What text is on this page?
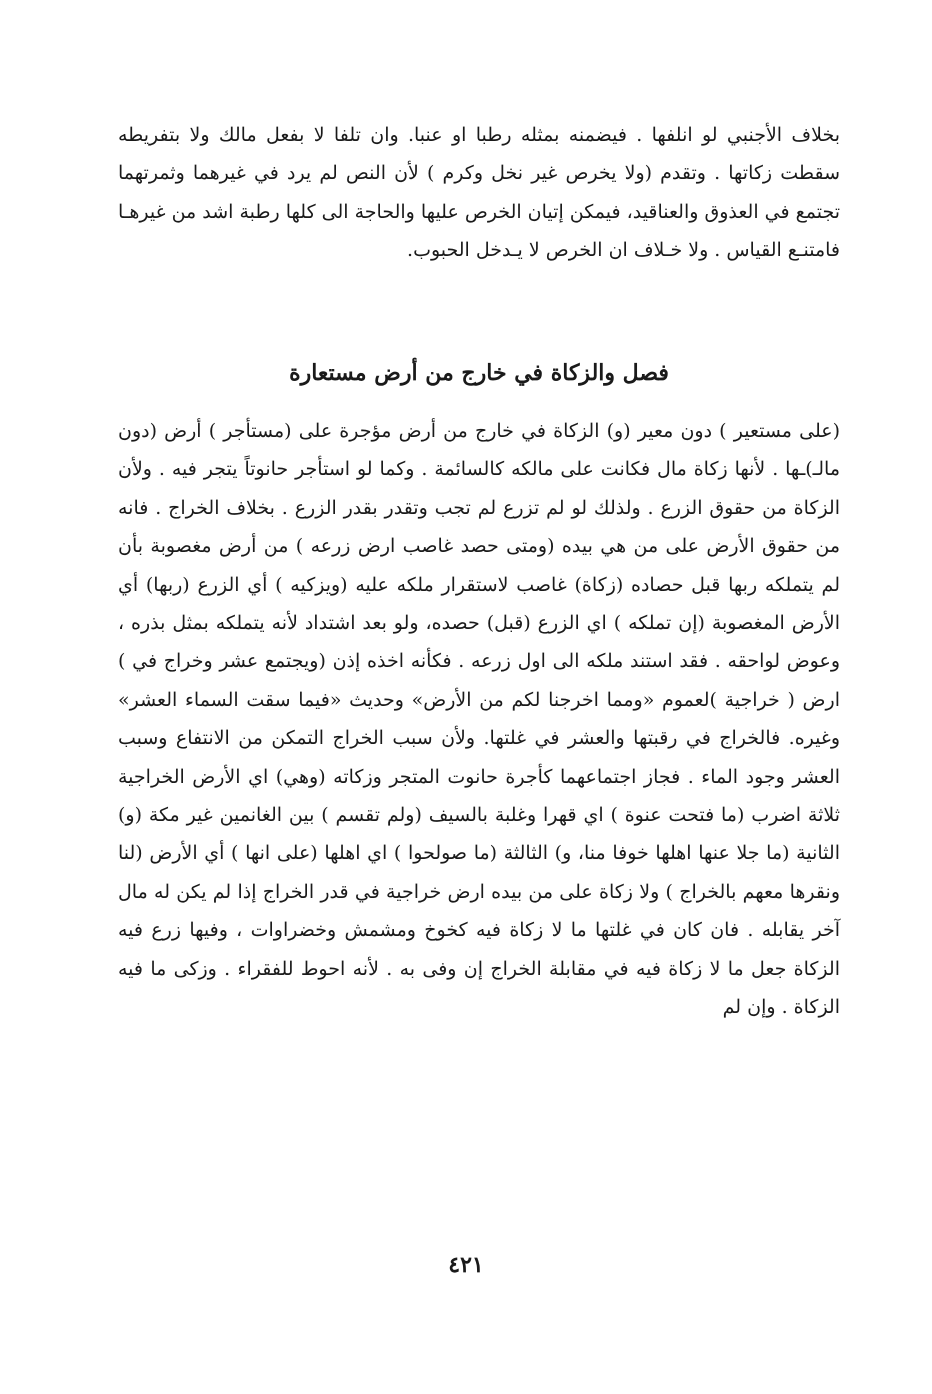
بخلاف الأجنبي لو انلفها . فيضمنه بمثله رطبا او عنبا. وان تلفا لا بفعل مالك ولا بتفريطه سقطت زكاتها . وتقدم (ولا يخرص غير نخل وكرم ) لأن النص لم يرد في غيرهما وثمرتهما تجتمع في العذوق والعناقيد، فيمكن إتيان الخرص عليها والحاجة الى كلها رطبة اشد من غيرهـا فامتنـع القياس . ولا خـلاف ان الخرص لا يـدخل الحبوب.

فصل والزكاة في خارج من أرض مستعارة

(على مستعير ) دون معير (و) الزكاة في خارج من أرض مؤجرة على (مستأجر ) أرض (دون مالـ)ـها . لأنها زكاة مال فكانت على مالكه كالسائمة . وكما لو استأجر حانوتاً يتجر فيه . ولأن الزكاة من حقوق الزرع . ولذلك لو لم تزرع لم تجب وتقدر بقدر الزرع . بخلاف الخراج . فانه من حقوق الأرض على من هي بيده (ومتى حصد غاصب ارض زرعه ) من أرض مغصوبة بأن لم يتملكه ربها قبل حصاده (زكاة) غاصب لاستقرار ملكه عليه (ويزكيه ) أي الزرع (ربها) أي الأرض المغصوبة (إن تملكه ) اي الزرع (قبل) حصده، ولو بعد اشتداد لأنه يتملكه بمثل بذره ، وعوض لواحقه . فقد استند ملكه الى اول زرعه . فكأنه اخذه إذن (ويجتمع عشر وخراج في ) ارض ( خراجية )لعموم «ومما اخرجنا لكم من الأرض» وحديث «فيما سقت السماء العشر» وغيره. فالخراج في رقبتها والعشر في غلتها. ولأن سبب الخراج التمكن من الانتفاع وسبب العشر وجود الماء . فجاز اجتماعهما كأجرة حانوت المتجر وزكاته (وهي) اي الأرض الخراجية ثلاثة اضرب (ما فتحت عنوة ) اي قهرا وغلبة بالسيف (ولم تقسم ) بين الغانمين غير مكة (و) الثانية (ما جلا عنها اهلها خوفا منا، و) الثالثة (ما صولحوا ) اي اهلها (على انها ) أي الأرض (لنا ونقرها معهم بالخراج ) ولا زكاة على من بيده ارض خراجية في قدر الخراج إذا لم يكن له مال آخر يقابله . فان كان في غلتها ما لا زكاة فيه كخوخ ومشمش وخضراوات ، وفيها زرع فيه الزكاة جعل ما لا زكاة فيه في مقابلة الخراج إن وفى به . لأنه احوط للفقراء . وزكى ما فيه الزكاة . وإن لم

٤٢١
